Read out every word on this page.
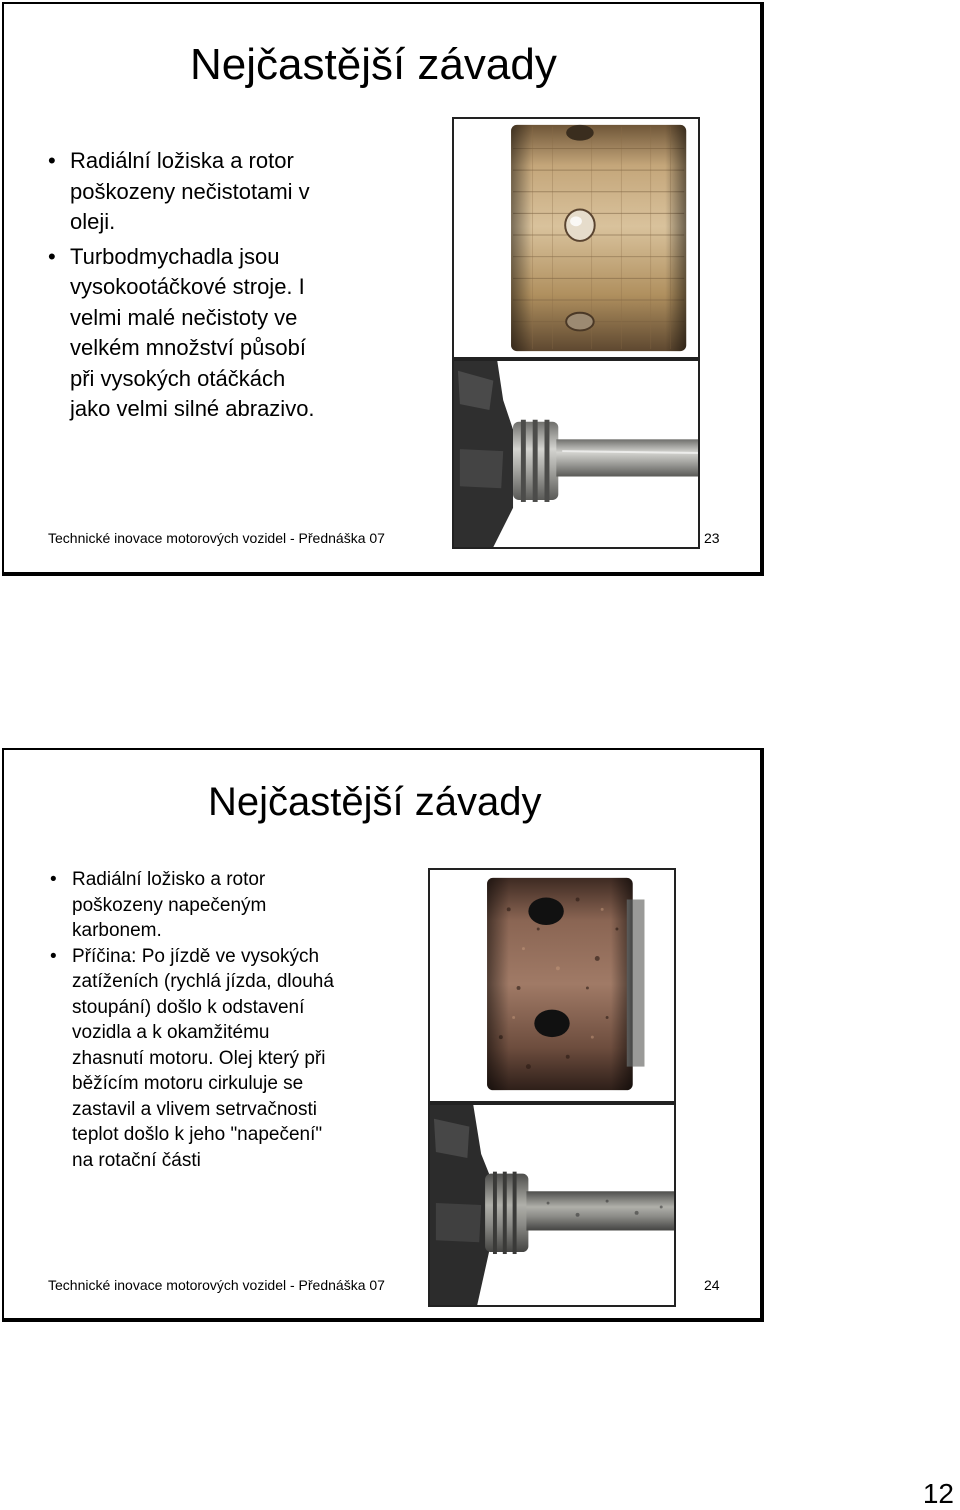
Nejčastější závady
• Radiální ložiska a rotor
poškozeny nečistotami v
oleji.
• Turbodmychadla jsou
vysokootáčkové stroje. I
velmi malé nečistoty ve
velkém množství působí
při vysokých otáčkách
jako velmi silné abrazivo.
Technické inovace motorových vozidel - Přednáška 07	23
Nejčastější závady
• Radiální ložisko a rotor
poškozeny napečeným
karbonem.
• Příčina: Po jízdě ve vysokých
zatíženích (rychlá jízda, dlouhá
stoupání) došlo k odstavení
vozidla a k okamžitému
zhasnutí motoru. Olej který při
běžícím motoru cirkuluje se
zastavil a vlivem setrvačnosti
teplot došlo k jeho "napečení"
na rotační části
Technické inovace motorových vozidel - Přednáška 07	24
12
